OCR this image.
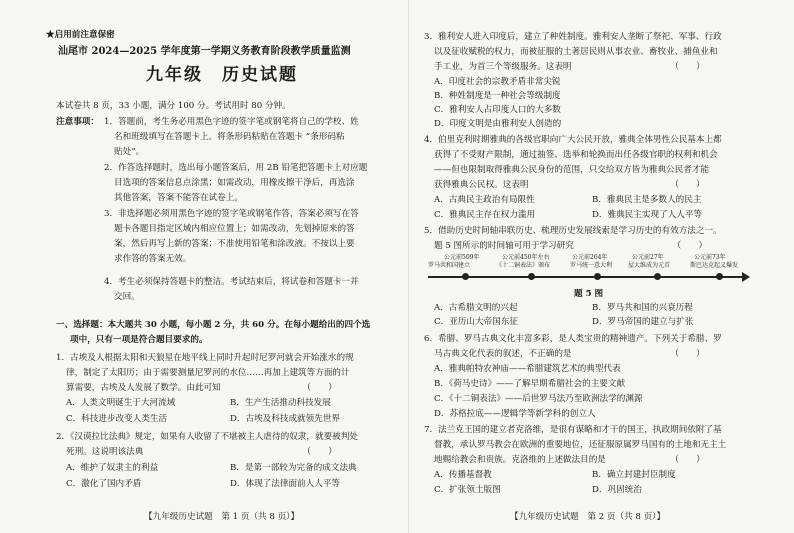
★启用前注意保密
汕尾市 2024—2025 学年度第一学期义务教育阶段教学质量监测
九年级　历史试题
本试卷共 8 页，33 小题，满分 100 分。考试用时 80 分钟。
注意事项： 1．答题前，考生务必用黑色字迹的签字笔或钢笔将自己的学校、姓
名和班级填写在答题卡上。将条形码粘贴在答题卡 “条形码粘
贴处”。
2．作答选择题时，选出每小题答案后，用 2B 铅笔把答题卡上对应题
目选项的答案信息点涂黑；如需改动，用橡皮擦干净后，再选涂
其他答案，答案不能答在试卷上。
3．非选择题必须用黑色字迹的签字笔或钢笔作答，答案必须写在答
题卡各题目指定区域内相应位置上；如需改动，先划掉原来的答
案，然后再写上新的答案；不准使用铅笔和涂改液。不按以上要
求作答的答案无效。
4．考生必须保持答题卡的整洁。考试结束后，将试卷和答题卡一并
交回。
一、选择题：本大题共 30 小题，每小题 2 分，共 60 分。在每小题给出的四个选
项中，只有一项是符合题目要求的。
1．古埃及人根据太阳和天狼星在地平线上同时升起时尼罗河就会开始涨水的规
律，制定了太阳历；由于需要测量尼罗河的水位……再加上建筑等方面的计
算需要，古埃及人发展了数学。由此可知　　　　　　　　　　（　　）
A．人类文明诞生于大河流域	B．生产生活推动科技发展
C．科技进步改变人类生活	D．古埃及科技成就领先世界
2．《汉谟拉比法典》规定，如果有人收留了不堪被主人虐待的奴隶，就要被判处
死刑。这说明该法典　　　　　　　　　　　　　　　　　　　（　　）
A．维护了奴隶主的利益	B．是第一部较为完备的成文法典
C．激化了国内矛盾	D．体现了法律面前人人平等
【九年级历史试题　第 1 页（共 8 页）】
3．雅利安人进入印度后，建立了种姓制度。雅利安人垄断了祭祀、军事、行政
以及征收赋税的权力，而被征服的土著居民则从事农业、畜牧业、捕鱼业和
手工业，为首三个等级服务。这表明　　　　　　　　　　　　（　　）
A．印度社会的宗教矛盾非常尖锐
B．种姓制度是一种社会等级制度
C．雅利安人占印度人口的大多数
D．印度文明是由雅利安人创造的
4．伯里克利时期雅典的各级官职向广大公民开放，雅典全体男性公民基本上都
获得了不受财产限制，通过抽签、选举和轮换而出任各级官职的权利和机会
——但也限制取得雅典公民身份的范围，只交给双方皆为雅典公民者才能
获得雅典公民权。这表明　　　　　　　　　　　　　　　　　（　　）
A．古典民主政治有局限性	B．雅典民主是多数人的民主
C．雅典民主存在权力滥用	D．雅典民主实现了人人平等
5．借助历史时间轴串联历史、梳理历史发展线索是学习历史的有效方法之一。
题 5 图所示的时间轴可用于学习研究　　　　　　　　　　　　（　　）
公元前509年	公元前450年左右	公元前264年	公元前27年	公元前73年
罗马共和国建立	《十二铜表法》颁布	罗马统一意大利	屋大维成为元首	斯巴达克起义爆发
题 5 图
A．古希腊文明的兴起	B．罗马共和国的兴衰历程
C．亚历山大帝国东征	D．罗马帝国的建立与扩张
6．希腊、罗马古典文化丰富多彩，是人类宝贵的精神遗产。下列关于希腊、罗
马古典文化代表的叙述，不正确的是　　　　　　　　　　　　（　　）
A．雅典帕特农神庙——希腊建筑艺术的典型代表
B．《荷马史诗》——了解早期希腊社会的主要文献
C．《十二铜表法》——后世罗马法乃至欧洲法学的渊源
D．苏格拉底——逻辑学等新学科的创立人
7．法兰克王国的建立者克洛维，是很有谋略和才干的国王，执政期间依附了基
督教，承认罗马教会在欧洲的重要地位，还征服原属罗马国有的土地和无主土
地赐给教会和贵族。克洛维的上述做法目的是　　　　　　　　（　　）
A．传播基督教	B．确立封建封臣制度
C．扩张领土版图	D．巩固统治
【九年级历史试题　第 2 页（共 8 页）】
